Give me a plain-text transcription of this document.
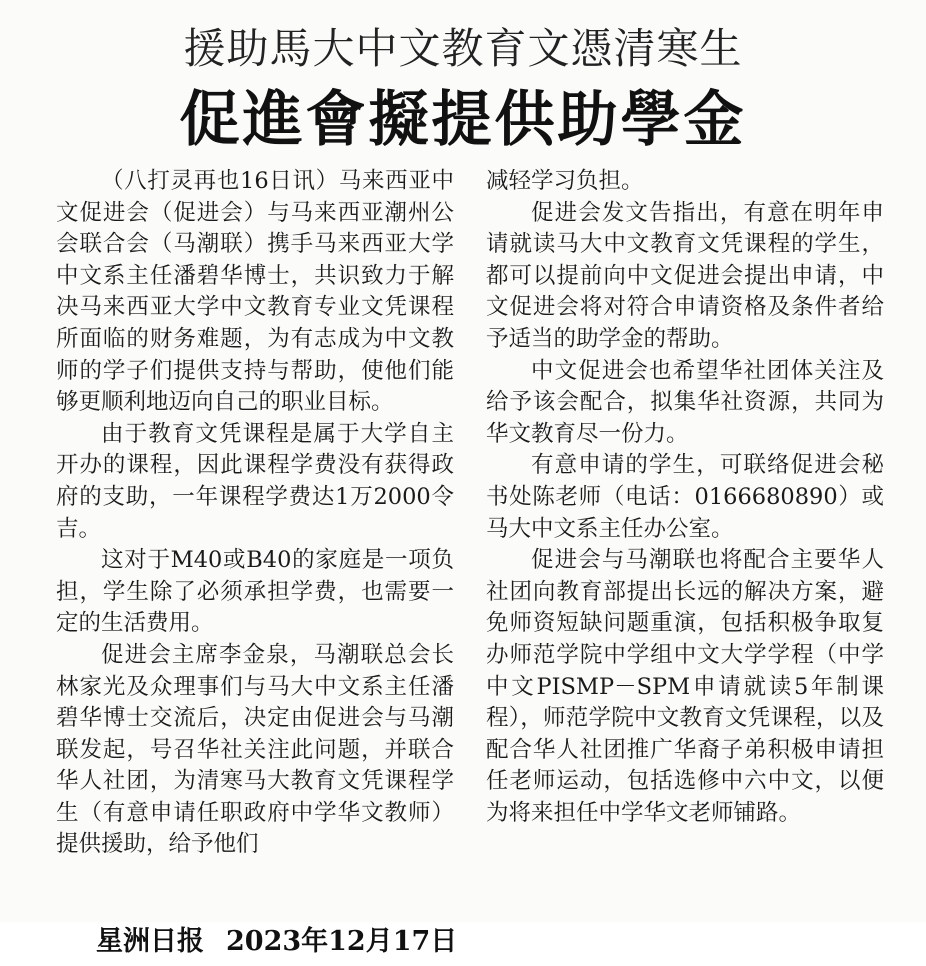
援助馬大中文教育文憑清寒生
促進會擬提供助學金

（八打灵再也16日讯）马来西亚中文促进会（促进会）与马来西亚潮州公会联合会（马潮联）携手马来西亚大学中文系主任潘碧华博士，共识致力于解决马来西亚大学中文教育专业文凭课程所面临的财务难题，为有志成为中文教师的学子们提供支持与帮助，使他们能够更顺利地迈向自己的职业目标。

由于教育文凭课程是属于大学自主开办的课程，因此课程学费没有获得政府的支助，一年课程学费达1万2000令吉。

这对于M40或B40的家庭是一项负担，学生除了必须承担学费，也需要一定的生活费用。

促进会主席李金泉，马潮联总会长林家光及众理事们与马大中文系主任潘碧华博士交流后，决定由促进会与马潮联发起，号召华社关注此问题，并联合华人社团，为清寒马大教育文凭课程学生（有意申请任职政府中学华文教师）提供援助，给予他们

减轻学习负担。

促进会发文告指出，有意在明年申请就读马大中文教育文凭课程的学生，都可以提前向中文促进会提出申请，中文促进会将对符合申请资格及条件者给予适当的助学金的帮助。

中文促进会也希望华社团体关注及给予该会配合，拟集华社资源，共同为华文教育尽一份力。

有意申请的学生，可联络促进会秘书处陈老师（电话：0166680890）或马大中文系主任办公室。

促进会与马潮联也将配合主要华人社团向教育部提出长远的解决方案，避免师资短缺问题重演，包括积极争取复办师范学院中学组中文大学学程（中学中文PISMP－SPM申请就读5年制课程），师范学院中文教育文凭课程，以及配合华人社团推广华裔子弟积极申请担任老师运动，包括选修中六中文，以便为将来担任中学华文老师铺路。

星洲日报 2023年12月17日
